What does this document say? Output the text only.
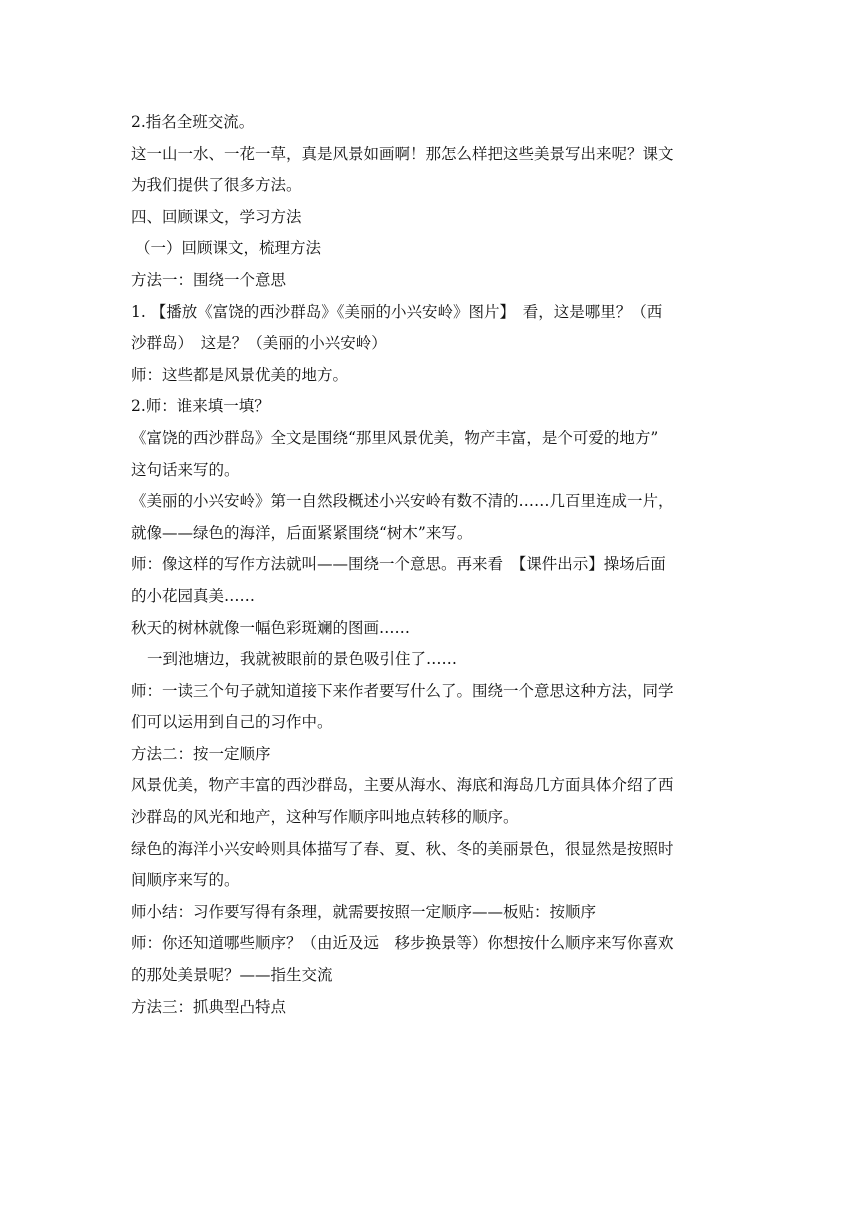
2.指名全班交流。
这一山一水、一花一草，真是风景如画啊！那怎么样把这些美景写出来呢？课文
为我们提供了很多方法。
四、回顾课文，学习方法
（一）回顾课文，梳理方法
方法一：围绕一个意思
1. 【播放《富饶的西沙群岛》《美丽的小兴安岭》图片】　看，这是哪里？（西
沙群岛）　这是？（美丽的小兴安岭）
师：这些都是风景优美的地方。
2.师：谁来填一填？
《富饶的西沙群岛》全文是围绕“那里风景优美，物产丰富，是个可爱的地方”
这句话来写的。
《美丽的小兴安岭》第一自然段概述小兴安岭有数不清的……几百里连成一片，
就像——绿色的海洋，后面紧紧围绕“树木”来写。
师：像这样的写作方法就叫——围绕一个意思。再来看　【课件出示】操场后面
的小花园真美……
秋天的树林就像一幅色彩斑斓的图画……
一到池塘边，我就被眼前的景色吸引住了……
师：一读三个句子就知道接下来作者要写什么了。围绕一个意思这种方法，同学
们可以运用到自己的习作中。
方法二：按一定顺序
风景优美，物产丰富的西沙群岛，主要从海水、海底和海岛几方面具体介绍了西
沙群岛的风光和地产，这种写作顺序叫地点转移的顺序。
绿色的海洋小兴安岭则具体描写了春、夏、秋、冬的美丽景色，很显然是按照时
间顺序来写的。
师小结：习作要写得有条理，就需要按照一定顺序——板贴：按顺序
师：你还知道哪些顺序？（由近及远　移步换景等）你想按什么顺序来写你喜欢
的那处美景呢？——指生交流
方法三：抓典型凸特点
